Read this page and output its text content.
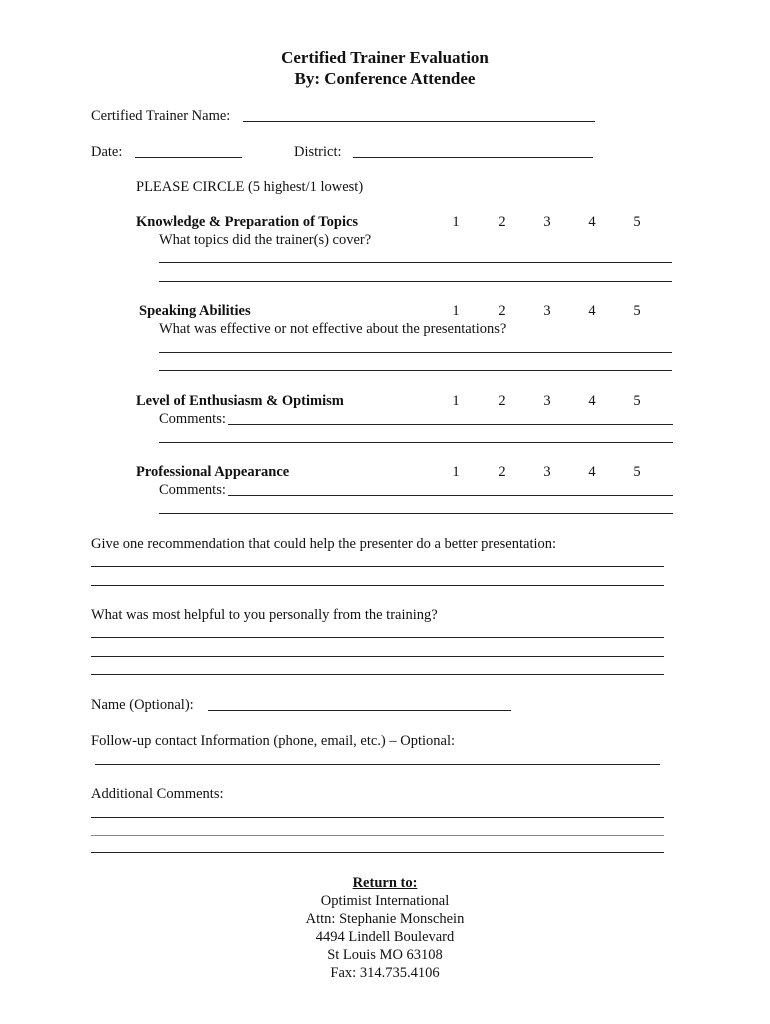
Certified Trainer Evaluation
By: Conference Attendee
Certified Trainer Name:
Date:	District:
PLEASE CIRCLE (5 highest/1 lowest)
Knowledge & Preparation of Topics	1	2	3	4	5
What topics did the trainer(s) cover?
Speaking Abilities	1	2	3	4	5
What was effective or not effective about the presentations?
Level of Enthusiasm & Optimism	1	2	3	4	5
Comments:
Professional Appearance	1	2	3	4	5
Comments:
Give one recommendation that could help the presenter do a better presentation:
What was most helpful to you personally from the training?
Name (Optional):
Follow-up contact Information (phone, email, etc.) – Optional:
Additional Comments:
Return to:
Optimist International
Attn: Stephanie Monschein
4494 Lindell Boulevard
St Louis MO 63108
Fax: 314.735.4106
